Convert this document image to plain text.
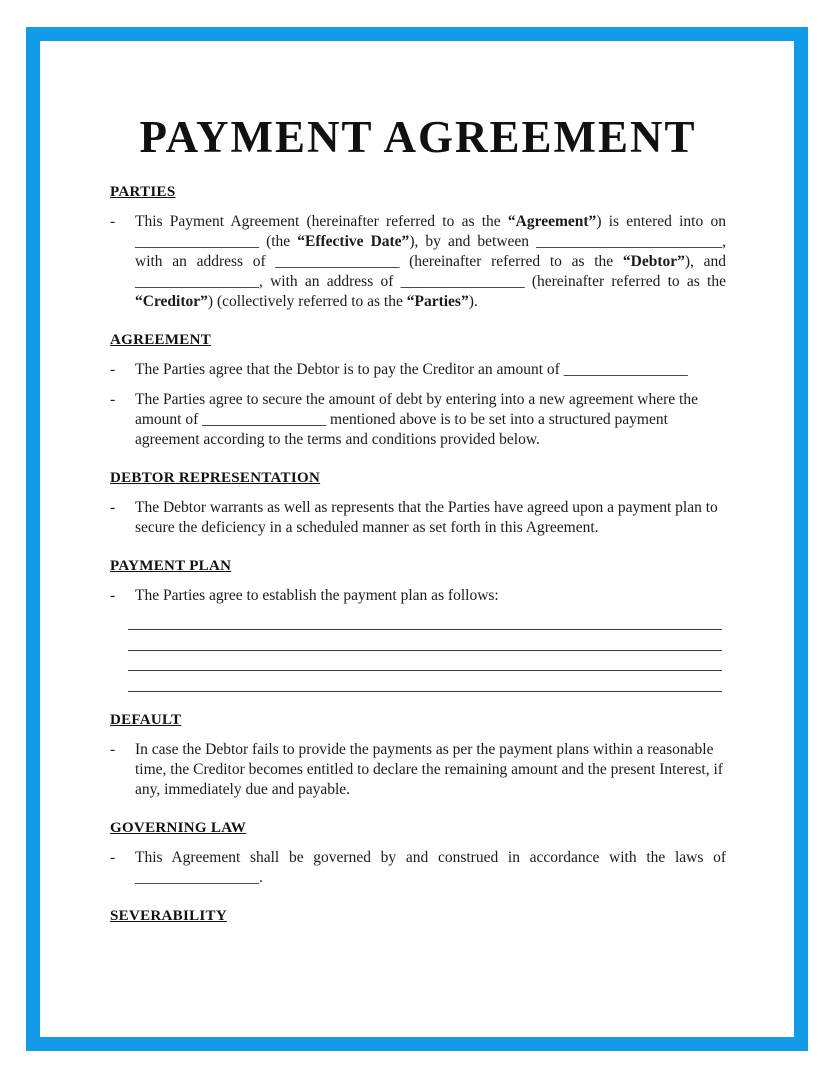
PAYMENT AGREEMENT
PARTIES
-	This Payment Agreement (hereinafter referred to as the “Agreement”) is entered into on ________________ (the “Effective Date”), by and between ________________________, with an address of ________________ (hereinafter referred to as the “Debtor”), and ________________, with an address of ________________ (hereinafter referred to as the “Creditor”) (collectively referred to as the “Parties”).

AGREEMENT
-	The Parties agree that the Debtor is to pay the Creditor an amount of ________________

-	The Parties agree to secure the amount of debt by entering into a new agreement where the amount of ________________ mentioned above is to be set into a structured payment agreement according to the terms and conditions provided below.

DEBTOR REPRESENTATION
-	The Debtor warrants as well as represents that the Parties have agreed upon a payment plan to secure the deficiency in a scheduled manner as set forth in this Agreement.

PAYMENT PLAN
-	The Parties agree to establish the payment plan as follows:

DEFAULT
-	In case the Debtor fails to provide the payments as per the payment plans within a reasonable time, the Creditor becomes entitled to declare the remaining amount and the present Interest, if any, immediately due and payable.

GOVERNING LAW
-	This Agreement shall be governed by and construed in accordance with the laws of ________________.

SEVERABILITY
